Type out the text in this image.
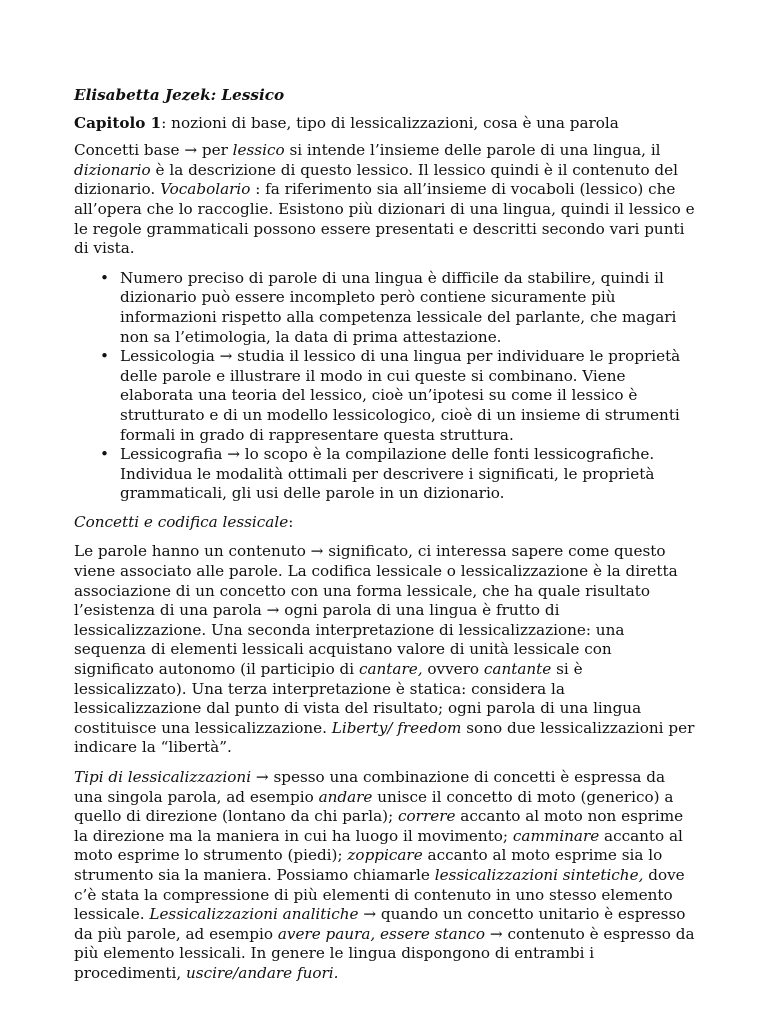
Elisabetta Jezek: Lessico

Capitolo 1: nozioni di base, tipo di lessicalizzazioni, cosa è una parola

Concetti base → per lessico si intende l’insieme delle parole di una lingua, il dizionario è la descrizione di questo lessico. Il lessico quindi è il contenuto del dizionario. Vocabolario : fa riferimento sia all’insieme di vocaboli (lessico) che all’opera che lo raccoglie. Esistono più dizionari di una lingua, quindi il lessico e le regole grammaticali possono essere presentati e descritti secondo vari punti di vista.

• Numero preciso di parole di una lingua è difficile da stabilire, quindi il dizionario può essere incompleto però contiene sicuramente più informazioni rispetto alla competenza lessicale del parlante, che magari non sa l’etimologia, la data di prima attestazione.
• Lessicologia → studia il lessico di una lingua per individuare le proprietà delle parole e illustrare il modo in cui queste si combinano. Viene elaborata una teoria del lessico, cioè un’ipotesi su come il lessico è strutturato e di un modello lessicologico, cioè di un insieme di strumenti formali in grado di rappresentare questa struttura.
• Lessicografia → lo scopo è la compilazione delle fonti lessicografiche. Individua le modalità ottimali per descrivere i significati, le proprietà grammaticali, gli usi delle parole in un dizionario.

Concetti e codifica lessicale:

Le parole hanno un contenuto → significato, ci interessa sapere come questo viene associato alle parole. La codifica lessicale o lessicalizzazione è la diretta associazione di un concetto con una forma lessicale, che ha quale risultato l’esistenza di una parola → ogni parola di una lingua è frutto di lessicalizzazione. Una seconda interpretazione di lessicalizzazione: una sequenza di elementi lessicali acquistano valore di unità lessicale con significato autonomo (il participio di cantare, ovvero cantante si è lessicalizzato). Una terza interpretazione è statica: considera la lessicalizzazione dal punto di vista del risultato; ogni parola di una lingua costituisce una lessicalizzazione. Liberty/ freedom sono due lessicalizzazioni per indicare la “libertà”.

Tipi di lessicalizzazioni → spesso una combinazione di concetti è espressa da una singola parola, ad esempio andare unisce il concetto di moto (generico) a quello di direzione (lontano da chi parla); correre accanto al moto non esprime la direzione ma la maniera in cui ha luogo il movimento; camminare accanto al moto esprime lo strumento (piedi); zoppicare accanto al moto esprime sia lo strumento sia la maniera. Possiamo chiamarle lessicalizzazioni sintetiche, dove c’è stata la compressione di più elementi di contenuto in uno stesso elemento lessicale. Lessicalizzazioni analitiche → quando un concetto unitario è espresso da più parole, ad esempio avere paura, essere stanco → contenuto è espresso da più elemento lessicali. In genere le lingua dispongono di entrambi i procedimenti, uscire/andare fuori.
